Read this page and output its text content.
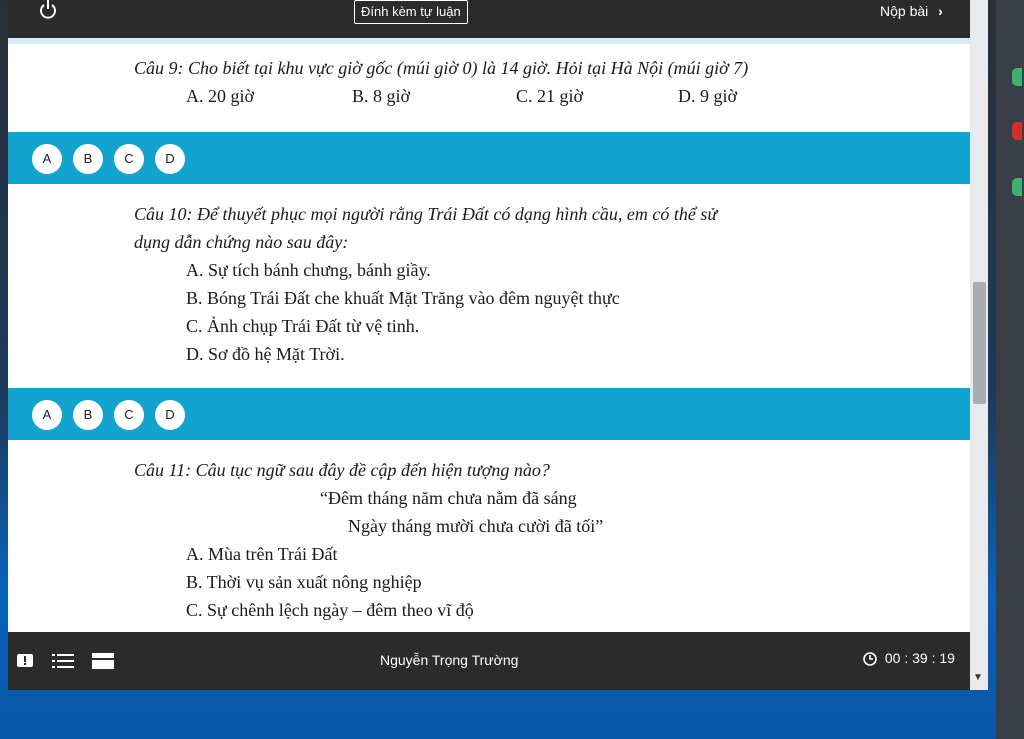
Đính kèm tự luận	Nộp bài ›
Câu 9: Cho biết tại khu vực giờ gốc (múi giờ 0) là 14 giờ. Hỏi tại Hà Nội (múi giờ 7)
A. 20 giờ	B. 8 giờ	C. 21 giờ	D. 9 giờ
A	B	C	D
Câu 10: Để thuyết phục mọi người rằng Trái Đất có dạng hình cầu, em có thể sử
dụng dẫn chứng nào sau đây:
A. Sự tích bánh chưng, bánh giầy.
B. Bóng Trái Đất che khuất Mặt Trăng vào đêm nguyệt thực
C. Ảnh chụp Trái Đất từ vệ tinh.
D. Sơ đồ hệ Mặt Trời.
A	B	C	D
Câu 11: Câu tục ngữ sau đây đề cập đến hiện tượng nào?
“Đêm tháng năm chưa nằm đã sáng
Ngày tháng mười chưa cười đã tối”
A. Mùa trên Trái Đất
B. Thời vụ sản xuất nông nghiệp
C. Sự chênh lệch ngày – đêm theo vĩ độ
Nguyễn Trọng Trường	00 : 39 : 19
▼
